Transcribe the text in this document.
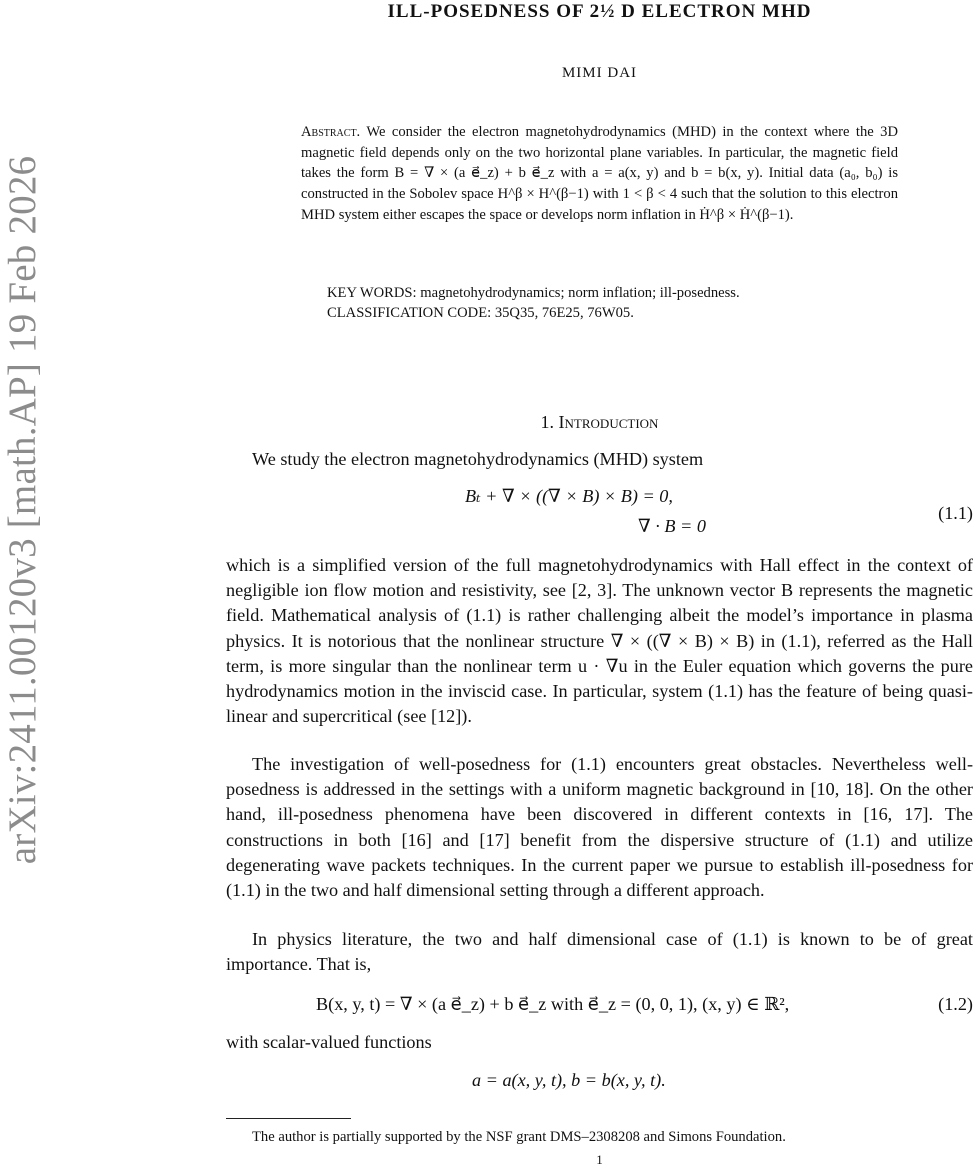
arXiv:2411.00120v3 [math.AP] 19 Feb 2026
ILL-POSEDNESS OF 2½ D ELECTRON MHD
MIMI DAI
Abstract. We consider the electron magnetohydrodynamics (MHD) in the context where the 3D magnetic field depends only on the two horizontal plane variables. In particular, the magnetic field takes the form B = ∇ × (a e⃗_z) + b e⃗_z with a = a(x, y) and b = b(x, y). Initial data (a₀, b₀) is constructed in the Sobolev space H^β × H^(β−1) with 1 < β < 4 such that the solution to this electron MHD system either escapes the space or develops norm inflation in Ḣ^β × Ḣ^(β−1).
KEY WORDS: magnetohydrodynamics; norm inflation; ill-posedness.
CLASSIFICATION CODE: 35Q35, 76E25, 76W05.
1. Introduction

We study the electron magnetohydrodynamics (MHD) system

Bₜ + ∇ × ((∇ × B) × B) = 0,
∇ · B = 0
(1.1)

which is a simplified version of the full magnetohydrodynamics with Hall effect in the context of negligible ion flow motion and resistivity, see [2, 3]. The unknown vector B represents the magnetic field. Mathematical analysis of (1.1) is rather challenging albeit the model’s importance in plasma physics. It is notorious that the nonlinear structure ∇ × ((∇ × B) × B) in (1.1), referred as the Hall term, is more singular than the nonlinear term u · ∇u in the Euler equation which governs the pure hydrodynamics motion in the inviscid case. In particular, system (1.1) has the feature of being quasi-linear and supercritical (see [12]).

The investigation of well-posedness for (1.1) encounters great obstacles. Nevertheless well-posedness is addressed in the settings with a uniform magnetic background in [10, 18]. On the other hand, ill-posedness phenomena have been discovered in different contexts in [16, 17]. The constructions in both [16] and [17] benefit from the dispersive structure of (1.1) and utilize degenerating wave packets techniques. In the current paper we pursue to establish ill-posedness for (1.1) in the two and half dimensional setting through a different approach.

In physics literature, the two and half dimensional case of (1.1) is known to be of great importance. That is,

B(x, y, t) = ∇ × (a e⃗_z) + b e⃗_z with e⃗_z = (0, 0, 1), (x, y) ∈ ℝ²,	(1.2)

with scalar-valued functions

a = a(x, y, t), b = b(x, y, t).
The author is partially supported by the NSF grant DMS–2308208 and Simons Foundation.
1
